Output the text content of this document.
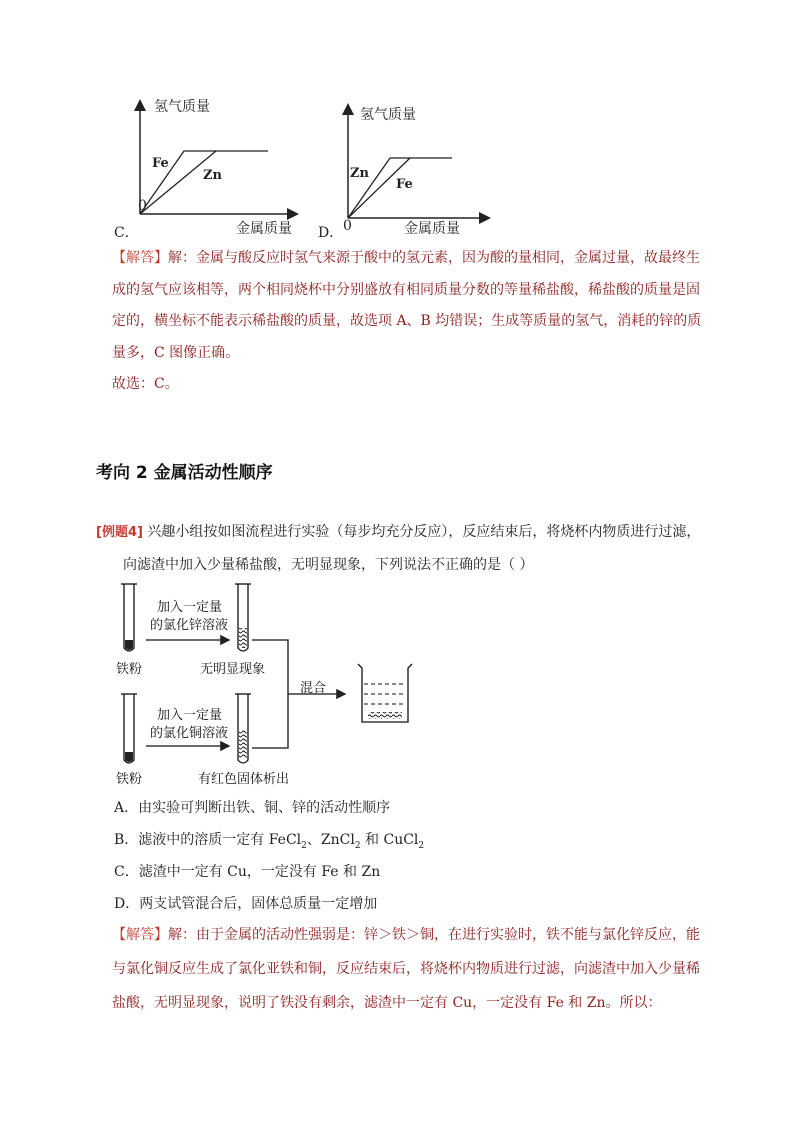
氢气质量
Fe
Zn
0
C．	金属质量
氢气质量
Zn
Fe
0
D．	金属质量
【解答】解：金属与酸反应时氢气来源于酸中的氢元素，因为酸的量相同，金属过量，故最终生
成的氢气应该相等，两个相同烧杯中分别盛放有相同质量分数的等量稀盐酸，稀盐酸的质量是固
定的，横坐标不能表示稀盐酸的质量，故选项 A、B 均错误；生成等质量的氢气，消耗的锌的质
量多，C 图像正确。
故选：C。
考向 2 金属活动性顺序
[例题4] 兴趣小组按如图流程进行实验（每步均充分反应），反应结束后，将烧杯内物质进行过滤，
向滤渣中加入少量稀盐酸，无明显现象，下列说法不正确的是（ ）
加入一定量
的氯化锌溶液
铁粉	无明显现象
混合
加入一定量
的氯化铜溶液
铁粉	有红色固体析出
A．由实验可判断出铁、铜、锌的活动性顺序
B．滤液中的溶质一定有 FeCl$_2$、ZnCl$_2$ 和 CuCl$_2$
C．滤渣中一定有 Cu，一定没有 Fe 和 Zn
D．两支试管混合后，固体总质量一定增加
【解答】解：由于金属的活动性强弱是：锌＞铁＞铜，在进行实验时，铁不能与氯化锌反应，能
与氯化铜反应生成了氯化亚铁和铜，反应结束后，将烧杯内物质进行过滤，向滤渣中加入少量稀
盐酸，无明显现象，说明了铁没有剩余，滤渣中一定有 Cu，一定没有 Fe 和 Zn。所以：
